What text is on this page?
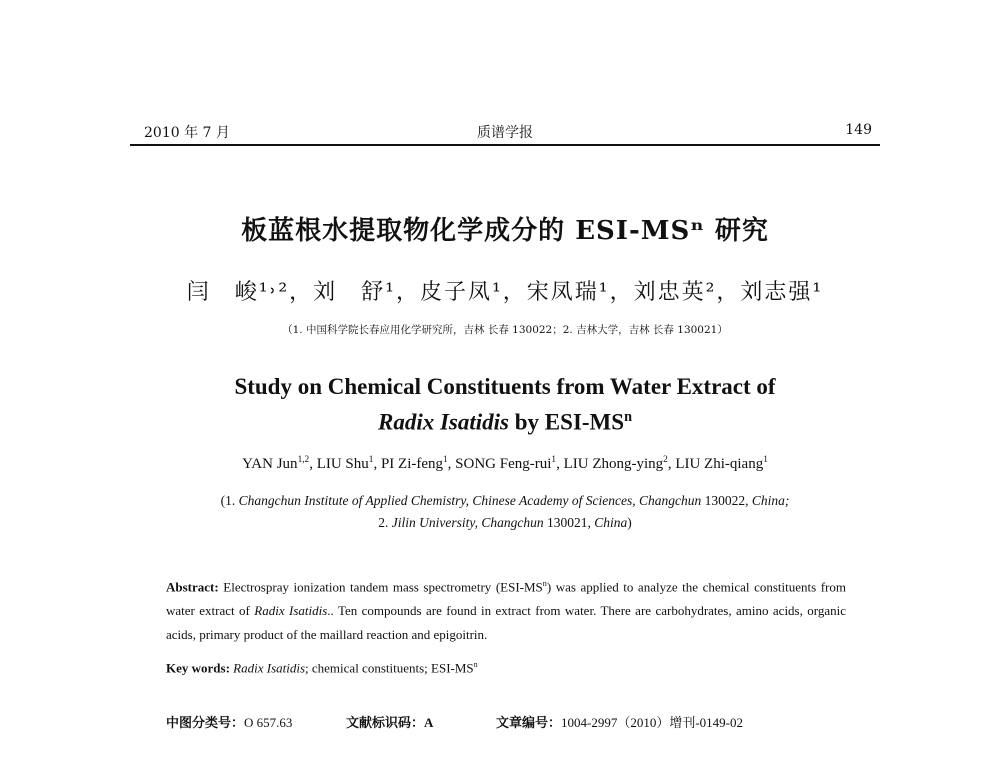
2010 年 7 月	质谱学报	149
板蓝根水提取物化学成分的 ESI-MSⁿ 研究
闫　峻¹˒²，刘　舒¹，皮子凤¹，宋凤瑞¹，刘忠英²，刘志强¹
（1. 中国科学院长春应用化学研究所，吉林 长春 130022；2. 吉林大学，吉林 长春 130021）
Study on Chemical Constituents from Water Extract of
Radix Isatidis by ESI-$MS^n$
YAN Jun$^{1,2}$, LIU Shu$^1$, PI Zi-feng$^1$, SONG Feng-rui$^1$, LIU Zhong-ying$^2$, LIU Zhi-qiang$^1$
(1. Changchun Institute of Applied Chemistry, Chinese Academy of Sciences, Changchun 130022, China;
2. Jilin University, Changchun 130021, China)
Abstract: Electrospray ionization tandem mass spectrometry $(ESI-MS^n)$ was applied to analyze the chemical constituents from water extract of Radix Isatidis.. Ten compounds are found in extract from water. There are carbohydrates, amino acids, organic acids, primary product of the maillard reaction and epigoitrin.
Key words: Radix Isatidis; chemical constituents; ESI-$MS^n$
中图分类号：O 657.63	文献标识码：A	文章编号：1004-2997（2010）增刊-0149-02
